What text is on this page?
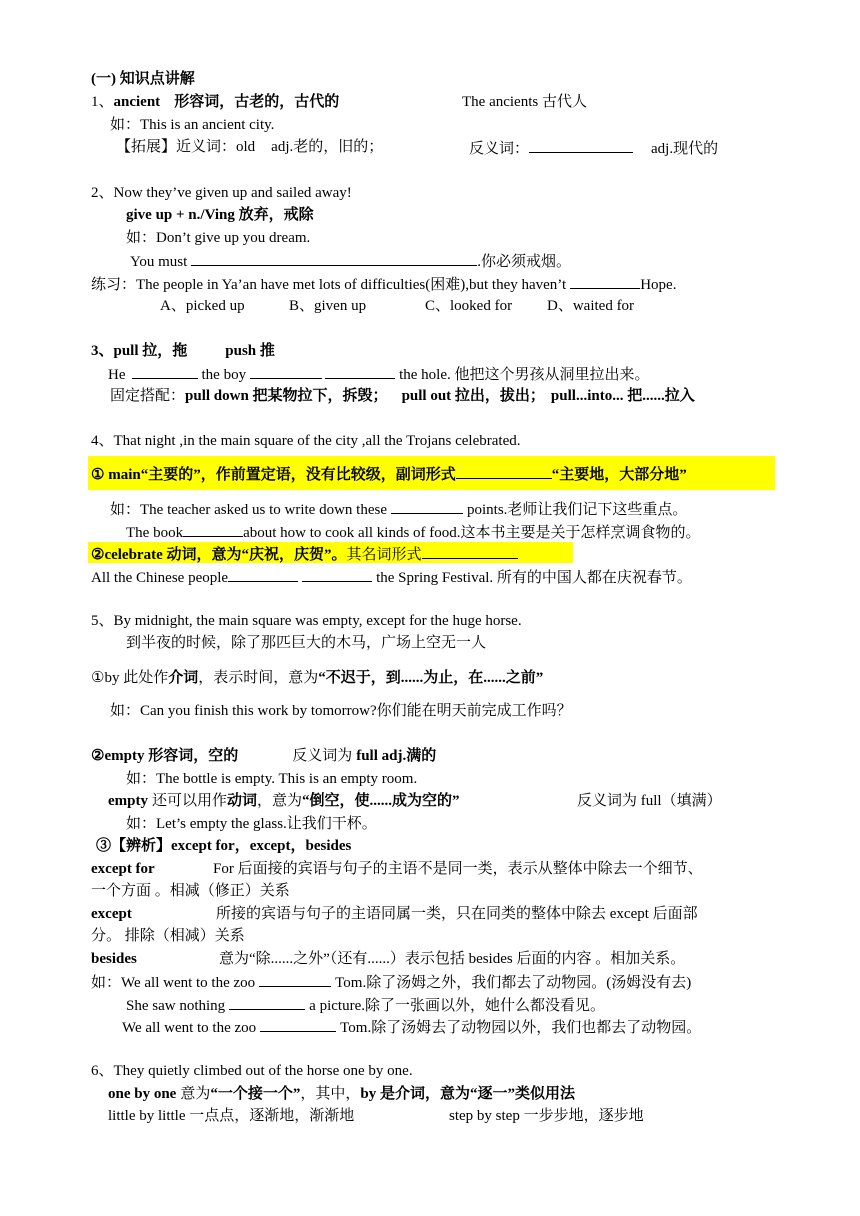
(一) 知识点讲解
1、ancient 形容词，古老的，古代的	The ancients 古代人
如：This is an ancient city.
【拓展】近义词：old adj.老的，旧的；	反义词：	adj.现代的
2、Now they’ve given up and sailed away!
give up + n./Ving 放弃，戒除
如：Don’t give up you dream.
You must	.你必须戒烟。
练习：The people in Ya’an have met lots of difficulties(困难),but they haven’t	Hope.
A、picked up	B、given up	C、looked for D、waited for
3、pull 拉，拖	push 推
He	the boy	the hole. 他把这个男孩从洞里拉出来。
固定搭配：pull down 把某物拉下，拆毁； pull out 拉出，拔出； pull...into... 把......拉入
4、That night ,in the main square of the city ,all the Trojans celebrated.
① main“主要的”，作前置定语，没有比较级，副词形式	“主要地，大部分地”
如：The teacher asked us to write down these	points.老师让我们记下这些重点。
The book	about how to cook all kinds of food.这本书主要是关于怎样烹调食物的。
②celebrate 动词，意为“庆祝，庆贺”。其名词形式
All the Chinese people	the Spring Festival. 所有的中国人都在庆祝春节。
5、By midnight, the main square was empty, except for the huge horse.
到半夜的时候，除了那匹巨大的木马，广场上空无一人
①by 此处作介词，表示时间，意为“不迟于，到......为止，在......之前”
如：Can you finish this work by tomorrow?你们能在明天前完成工作吗？
②empty 形容词，空的	反义词为 full adj.满的
如：The bottle is empty. This is an empty room.
empty 还可以用作动词，意为“倒空，使......成为空的”	反义词为 full（填满）
如：Let’s empty the glass.让我们干杯。
③【辨析】except for，except，besides
except for	For 后面接的宾语与句子的主语不是同一类，表示从整体中除去一个细节、
一个方面 。相减（修正）关系
except	所接的宾语与句子的主语同属一类，只在同类的整体中除去 except 后面部
分。 排除（相减）关系
besides	意为“除......之外”（还有......）表示包括 besides 后面的内容 。相加关系。
如：We all went to the zoo	Tom.除了汤姆之外，我们都去了动物园。(汤姆没有去)
She saw nothing	a picture.除了一张画以外，她什么都没看见。
We all went to the zoo	Tom.除了汤姆去了动物园以外，我们也都去了动物园。
6、They quietly climbed out of the horse one by one.
one by one 意为“一个接一个”，其中，by 是介词，意为“逐一”类似用法
little by little 一点点，逐渐地，渐渐地	step by step 一步步地，逐步地
